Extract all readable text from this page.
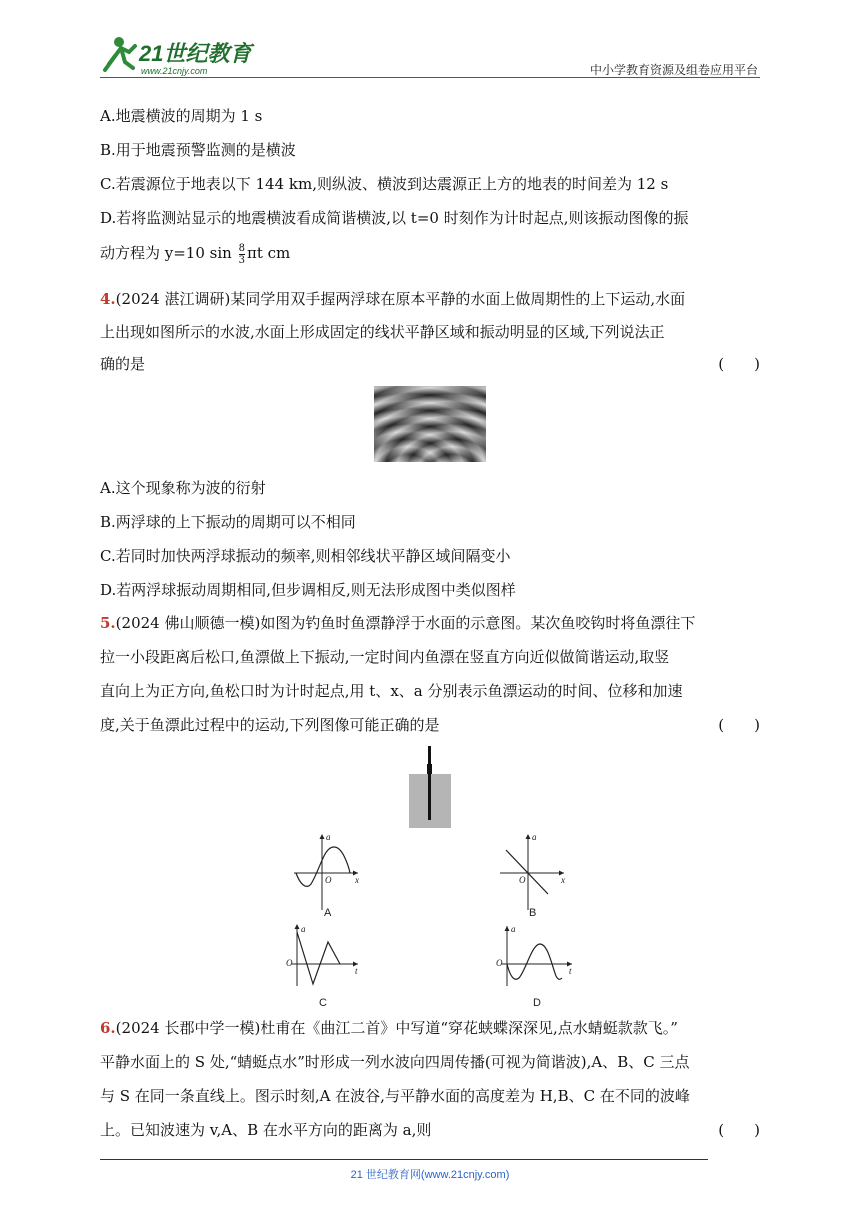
21世纪教育
www.21cnjy.com	中小学教育资源及组卷应用平台
A.地震横波的周期为 1 s
B.用于地震预警监测的是横波
C.若震源位于地表以下 144 km,则纵波、横波到达震源正上方的地表的时间差为 12 s
D.若将监测站显示的地震横波看成简谐横波,以 t=0 时刻作为计时起点,则该振动图像的振
动方程为 y=10 $\sin \frac{8}{3}$ πt cm
4.(2024 湛江调研)某同学用双手握两浮球在原本平静的水面上做周期性的上下运动,水面
上出现如图所示的水波,水面上形成固定的线状平静区域和振动明显的区域,下列说法正
确的是	(　　)
A.这个现象称为波的衍射
B.两浮球的上下振动的周期可以不相同
C.若同时加快两浮球振动的频率,则相邻线状平静区域间隔变小
D.若两浮球振动周期相同,但步调相反,则无法形成图中类似图样
5.(2024 佛山顺德一模)如图为钓鱼时鱼漂静浮于水面的示意图。某次鱼咬钩时将鱼漂往下
拉一小段距离后松口,鱼漂做上下振动,一定时间内鱼漂在竖直方向近似做简谐运动,取竖
直向上为正方向,鱼松口时为计时起点,用 t、x、a 分别表示鱼漂运动的时间、位移和加速
度,关于鱼漂此过程中的运动,下列图像可能正确的是	(　　)
a
x
O
A
a
x
O
B
a
t
O
C
a
t
O
D
6.(2024 长郡中学一模)杜甫在《曲江二首》中写道“穿花蛱蝶深深见,点水蜻蜓款款飞。”
平静水面上的 S 处,“蜻蜓点水”时形成一列水波向四周传播(可视为简谐波),A、B、C 三点
与 S 在同一条直线上。图示时刻,A 在波谷,与平静水面的高度差为 H,B、C 在不同的波峰
上。已知波速为 v,A、B 在水平方向的距离为 a,则	(　　)
21 世纪教育网(www.21cnjy.com)
